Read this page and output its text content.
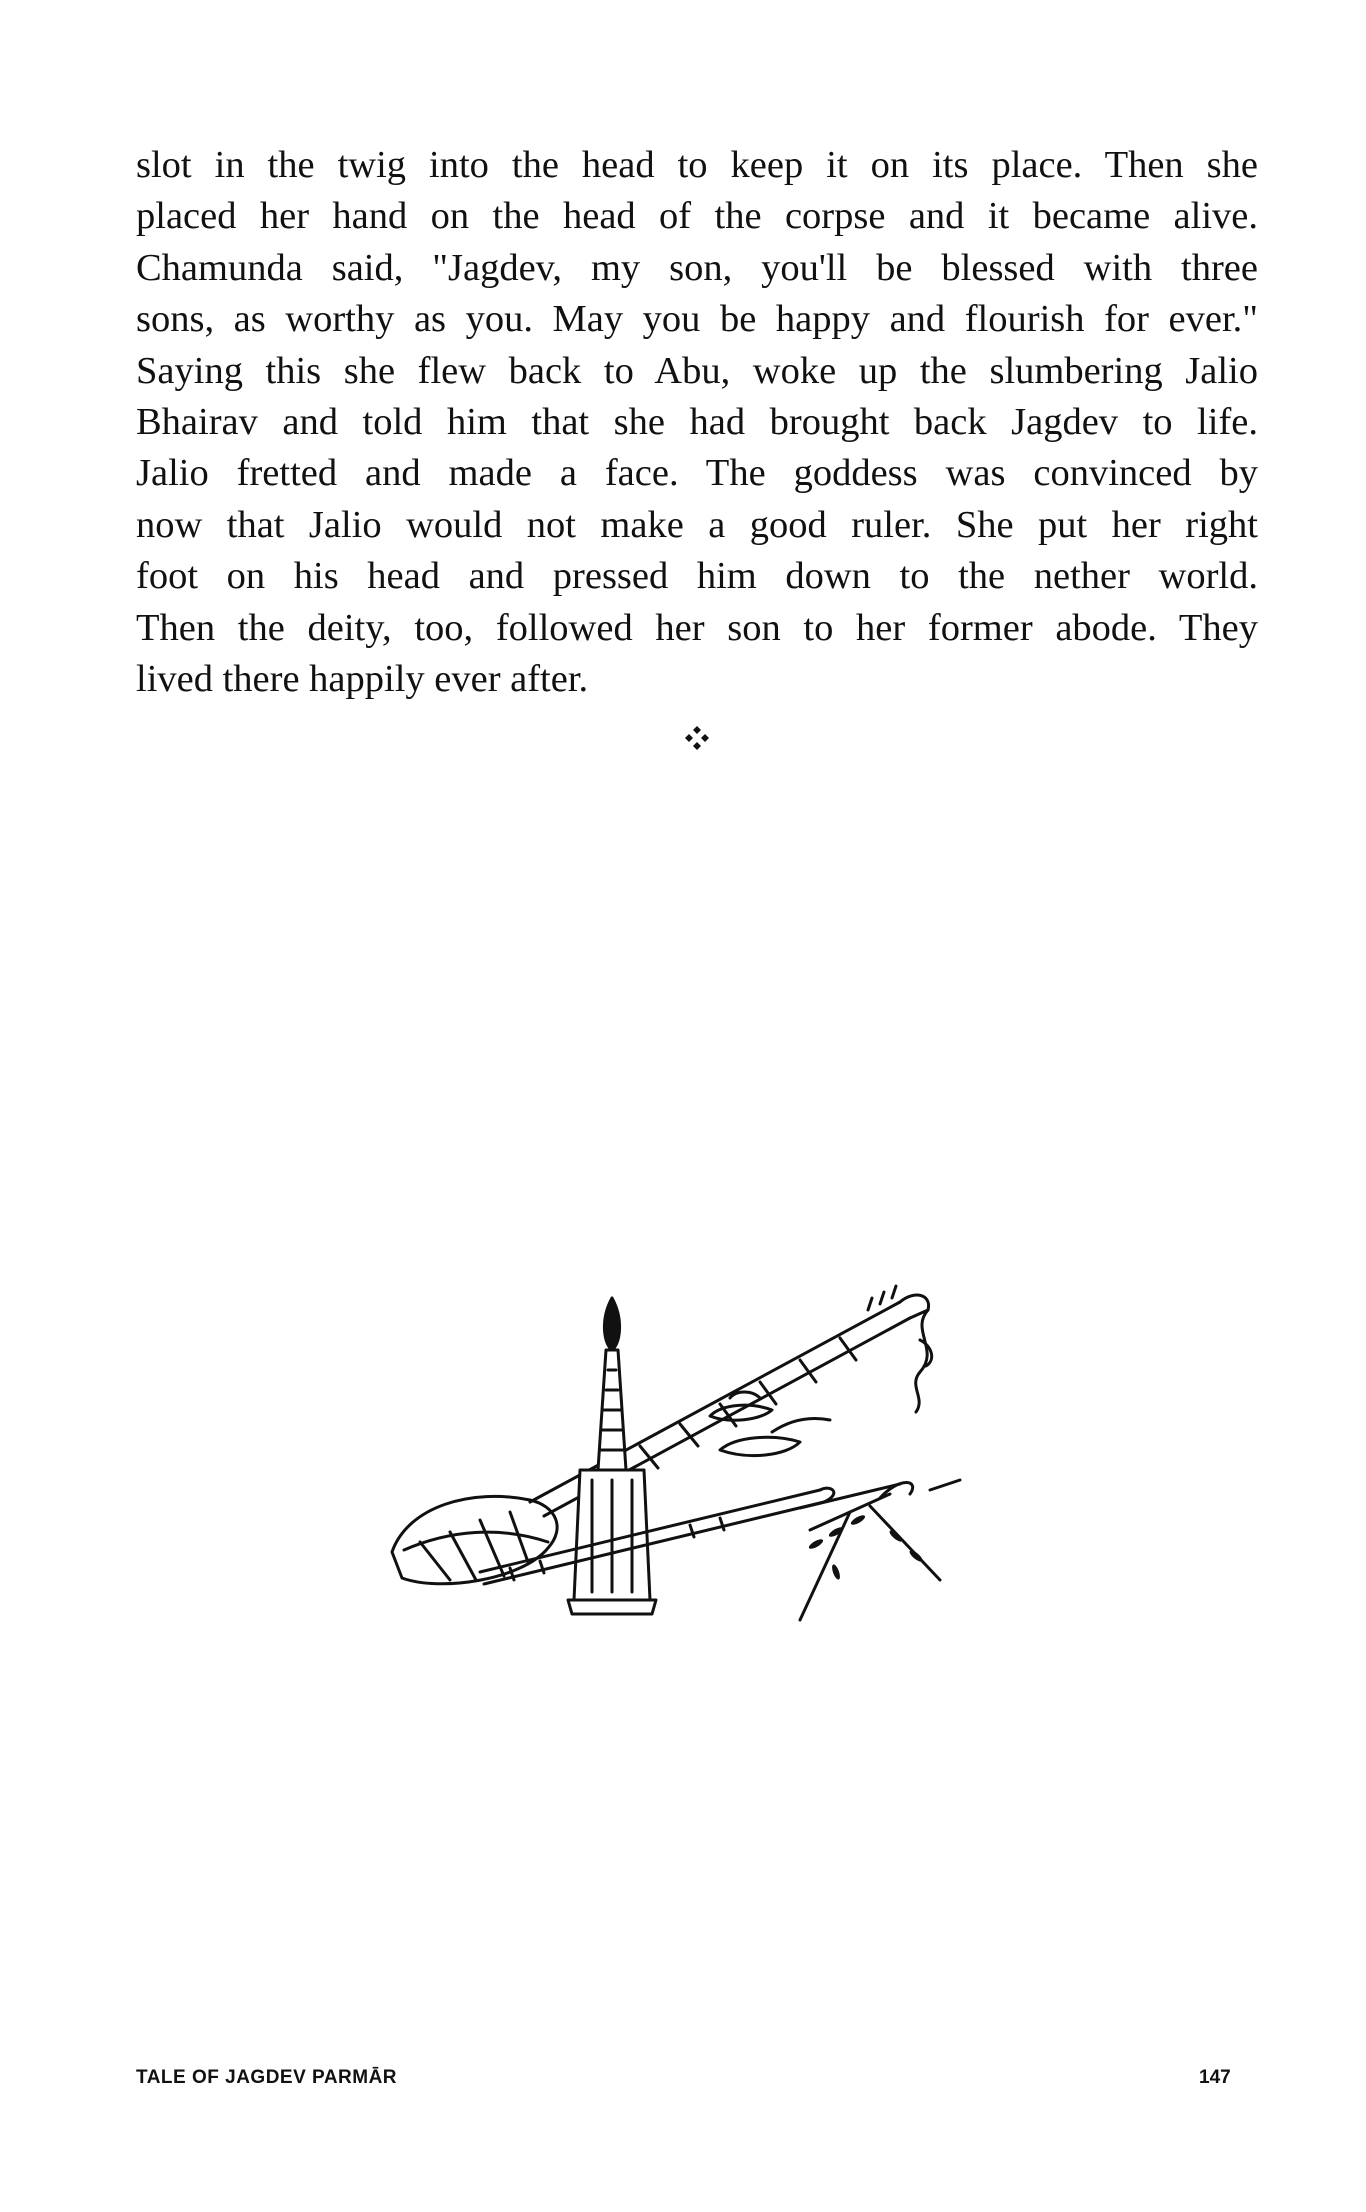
slot in the twig into the head to keep it on its place. Then she
placed her hand on the head of the corpse and it became alive.
Chamunda said, "Jagdev, my son, you'll be blessed with three
sons, as worthy as you. May you be happy and flourish for ever."
Saying this she flew back to Abu, woke up the slumbering Jalio
Bhairav and told him that she had brought back Jagdev to life.
Jalio fretted and made a face. The goddess was convinced by
now that Jalio would not make a good ruler. She put her right
foot on his head and pressed him down to the nether world.
Then the deity, too, followed her son to her former abode. They
lived there happily ever after.
TALE OF JAGDEV PARMĀR	147
